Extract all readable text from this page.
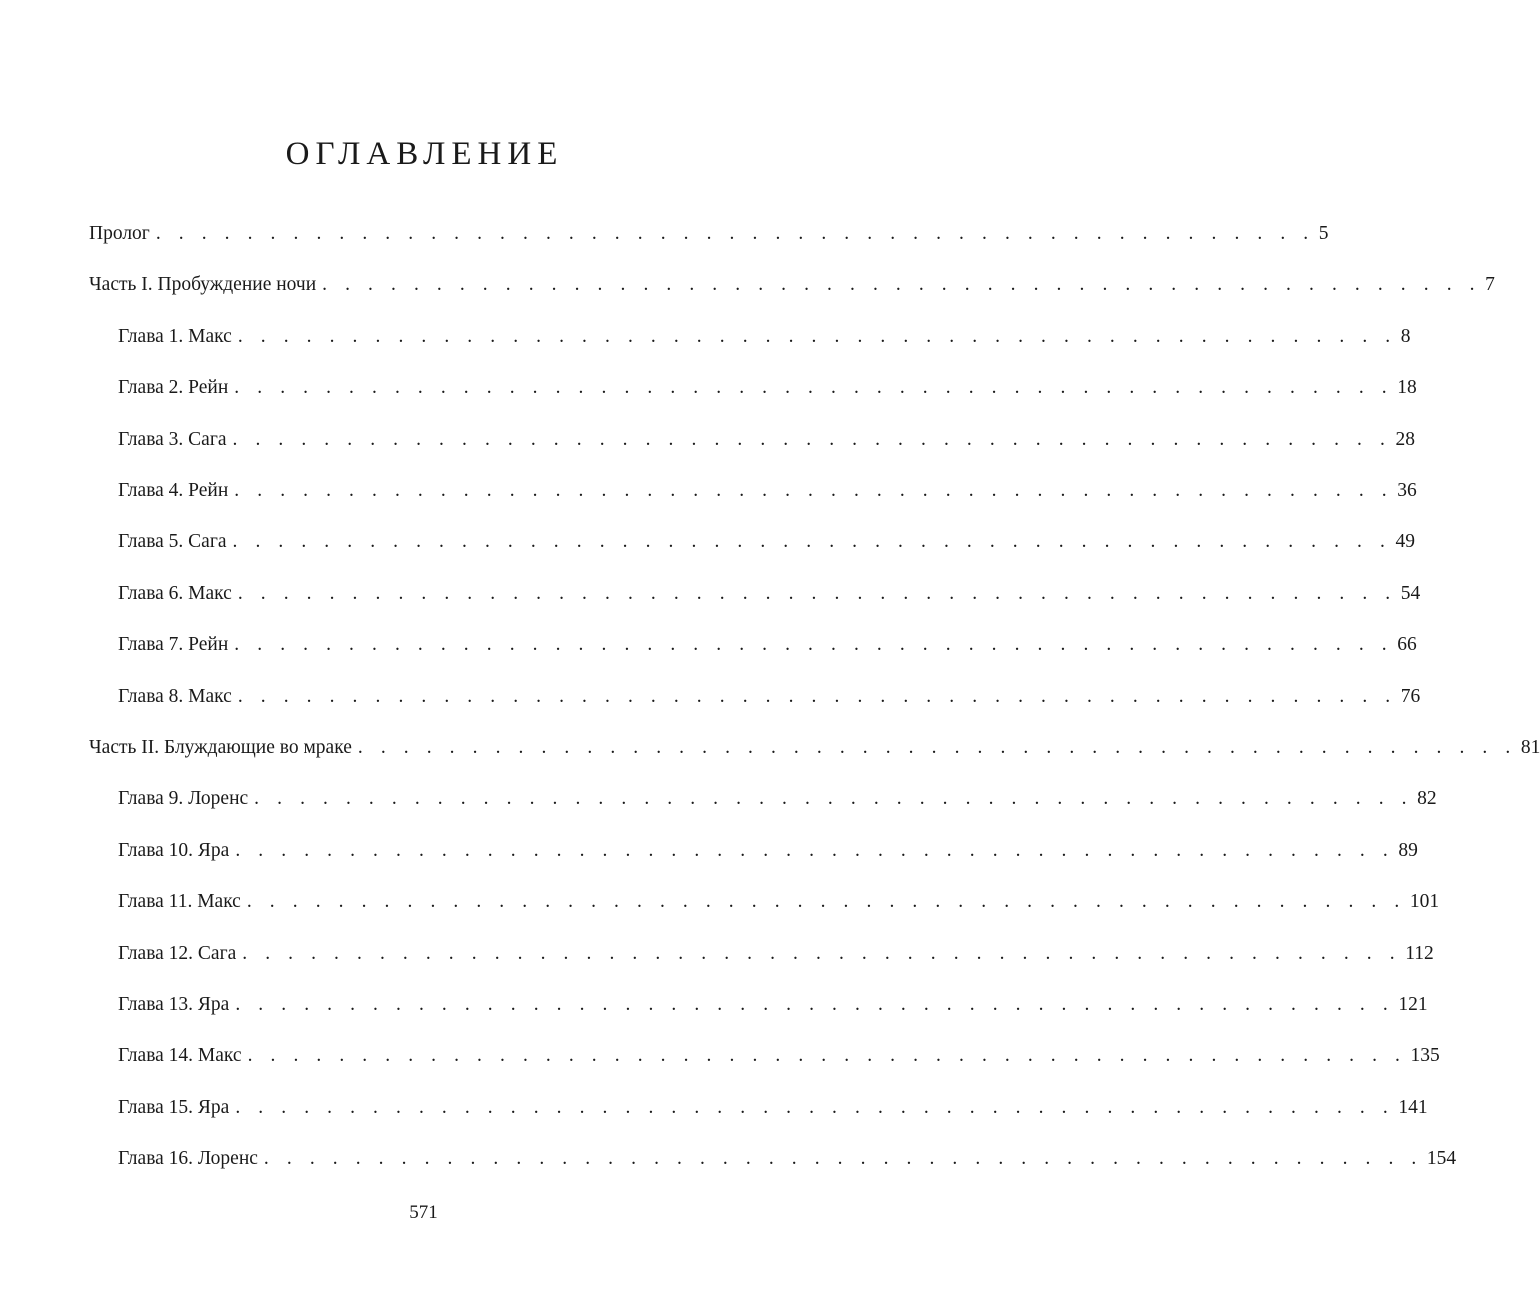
ОГЛАВЛЕНИЕ
Пролог . . . . . . . . . . . . . . . . . . . . . . . . . . . . . . . . . . . . . . . . . . . . . . . . . . . 5
Часть I. Пробуждение ночи . . . . . . . . . . . . . . . . . . . . . . . . . . . . . . . . . . . . . . . . . . . . . . . . . . . 7
Глава 1. Макс . . . . . . . . . . . . . . . . . . . . . . . . . . . . . . . . . . . . . . . . . . . . . . . . . . . 8
Глава 2. Рейн . . . . . . . . . . . . . . . . . . . . . . . . . . . . . . . . . . . . . . . . . . . . . . . . . . . 18
Глава 3. Сага . . . . . . . . . . . . . . . . . . . . . . . . . . . . . . . . . . . . . . . . . . . . . . . . . . . 28
Глава 4. Рейн . . . . . . . . . . . . . . . . . . . . . . . . . . . . . . . . . . . . . . . . . . . . . . . . . . . 36
Глава 5. Сага . . . . . . . . . . . . . . . . . . . . . . . . . . . . . . . . . . . . . . . . . . . . . . . . . . . 49
Глава 6. Макс . . . . . . . . . . . . . . . . . . . . . . . . . . . . . . . . . . . . . . . . . . . . . . . . . . . 54
Глава 7. Рейн . . . . . . . . . . . . . . . . . . . . . . . . . . . . . . . . . . . . . . . . . . . . . . . . . . . 66
Глава 8. Макс . . . . . . . . . . . . . . . . . . . . . . . . . . . . . . . . . . . . . . . . . . . . . . . . . . . 76
Часть II. Блуждающие во мраке . . . . . . . . . . . . . . . . . . . . . . . . . . . . . . . . . . . . . . . . . . . . . . . . . . . 81
Глава 9. Лоренс . . . . . . . . . . . . . . . . . . . . . . . . . . . . . . . . . . . . . . . . . . . . . . . . . . . 82
Глава 10. Яра . . . . . . . . . . . . . . . . . . . . . . . . . . . . . . . . . . . . . . . . . . . . . . . . . . . 89
Глава 11. Макс . . . . . . . . . . . . . . . . . . . . . . . . . . . . . . . . . . . . . . . . . . . . . . . . . . . 101
Глава 12. Сага . . . . . . . . . . . . . . . . . . . . . . . . . . . . . . . . . . . . . . . . . . . . . . . . . . . 112
Глава 13. Яра . . . . . . . . . . . . . . . . . . . . . . . . . . . . . . . . . . . . . . . . . . . . . . . . . . . 121
Глава 14. Макс . . . . . . . . . . . . . . . . . . . . . . . . . . . . . . . . . . . . . . . . . . . . . . . . . . . 135
Глава 15. Яра . . . . . . . . . . . . . . . . . . . . . . . . . . . . . . . . . . . . . . . . . . . . . . . . . . . 141
Глава 16. Лоренс . . . . . . . . . . . . . . . . . . . . . . . . . . . . . . . . . . . . . . . . . . . . . . . . . . . 154
571
